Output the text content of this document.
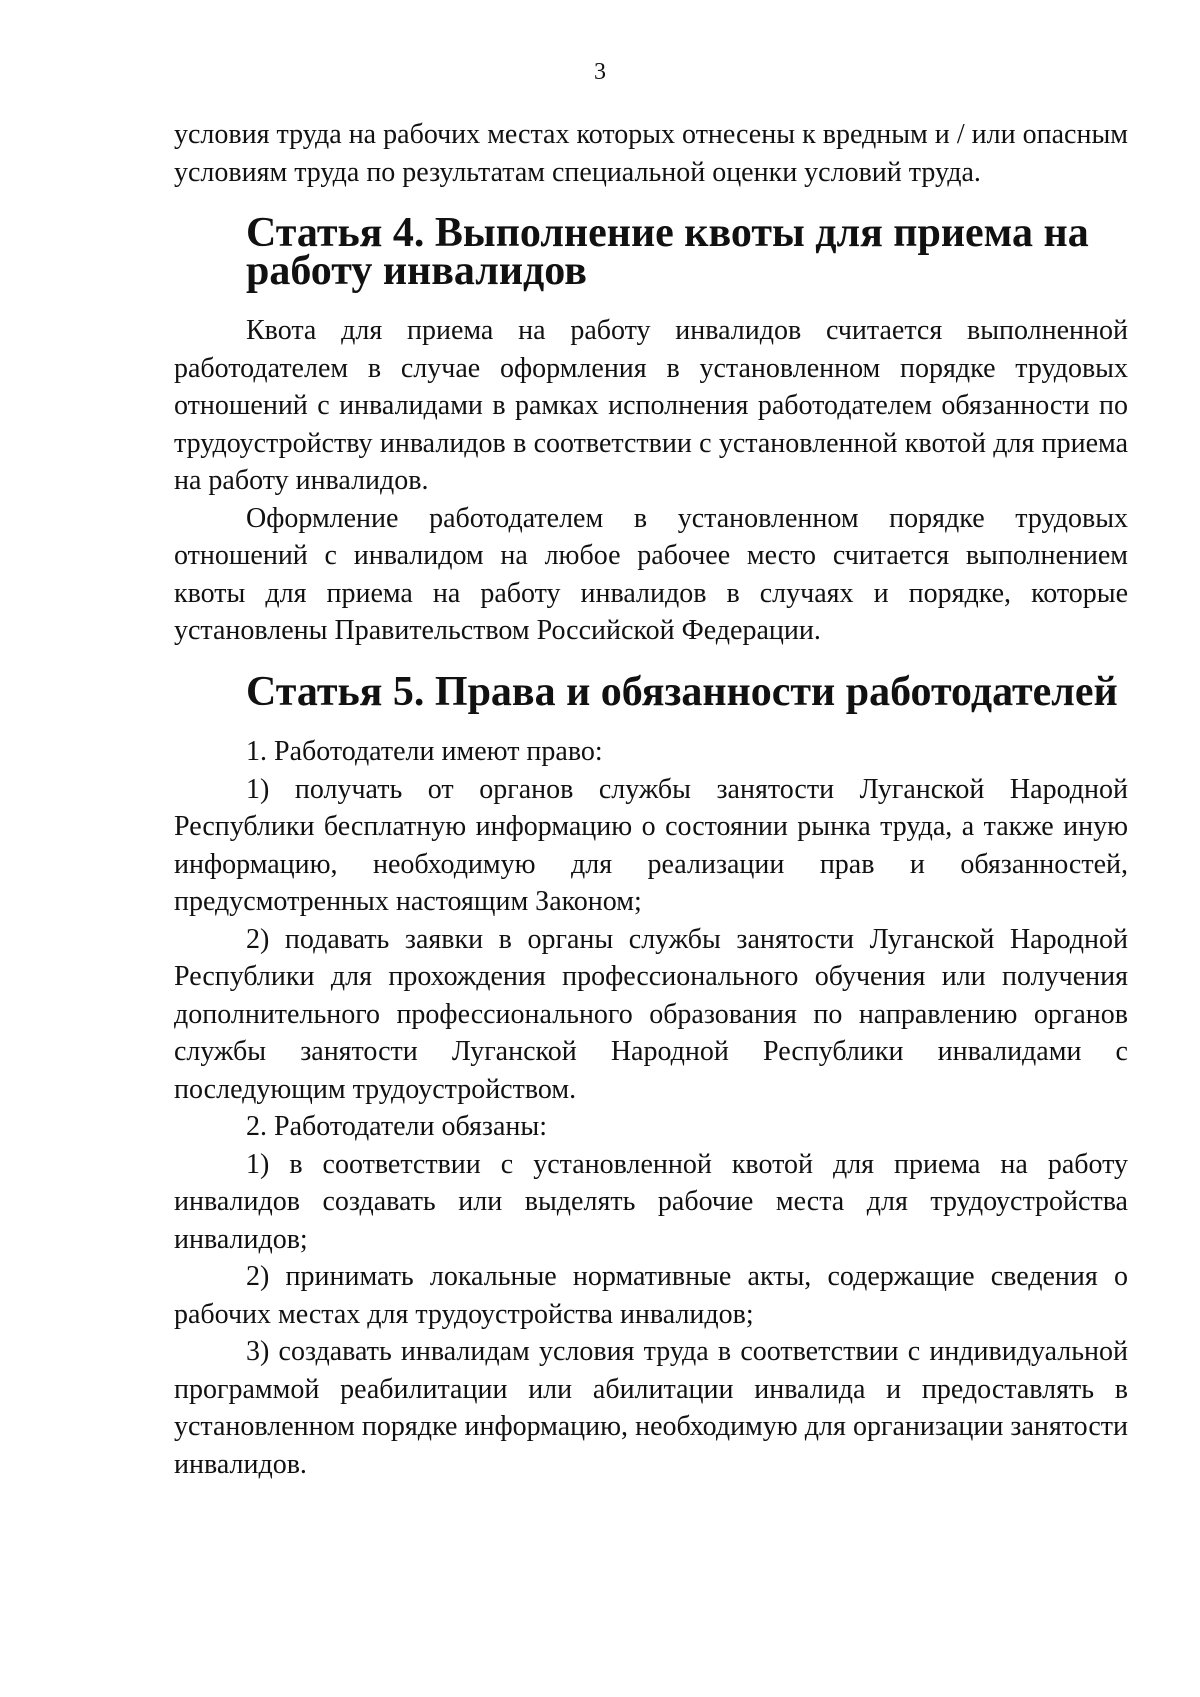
3

условия труда на рабочих местах которых отнесены к вредным и / или опасным условиям труда по результатам специальной оценки условий труда.

Статья 4. Выполнение квоты для приема на работу инвалидов

Квота для приема на работу инвалидов считается выполненной работодателем в случае оформления в установленном порядке трудовых отношений с инвалидами в рамках исполнения работодателем обязанности по трудоустройству инвалидов в соответствии с установленной квотой для приема на работу инвалидов.

Оформление работодателем в установленном порядке трудовых отношений с инвалидом на любое рабочее место считается выполнением квоты для приема на работу инвалидов в случаях и порядке, которые установлены Правительством Российской Федерации.

Статья 5. Права и обязанности работодателей

1. Работодатели имеют право:

1) получать от органов службы занятости Луганской Народной Республики бесплатную информацию о состоянии рынка труда, а также иную информацию, необходимую для реализации прав и обязанностей, предусмотренных настоящим Законом;

2) подавать заявки в органы службы занятости Луганской Народной Республики для прохождения профессионального обучения или получения дополнительного профессионального образования по направлению органов службы занятости Луганской Народной Республики инвалидами с последующим трудоустройством.

2. Работодатели обязаны:

1) в соответствии с установленной квотой для приема на работу инвалидов создавать или выделять рабочие места для трудоустройства инвалидов;

2) принимать локальные нормативные акты, содержащие сведения о рабочих местах для трудоустройства инвалидов;

3) создавать инвалидам условия труда в соответствии с индивидуальной программой реабилитации или абилитации инвалида и предоставлять в установленном порядке информацию, необходимую для организации занятости инвалидов.
